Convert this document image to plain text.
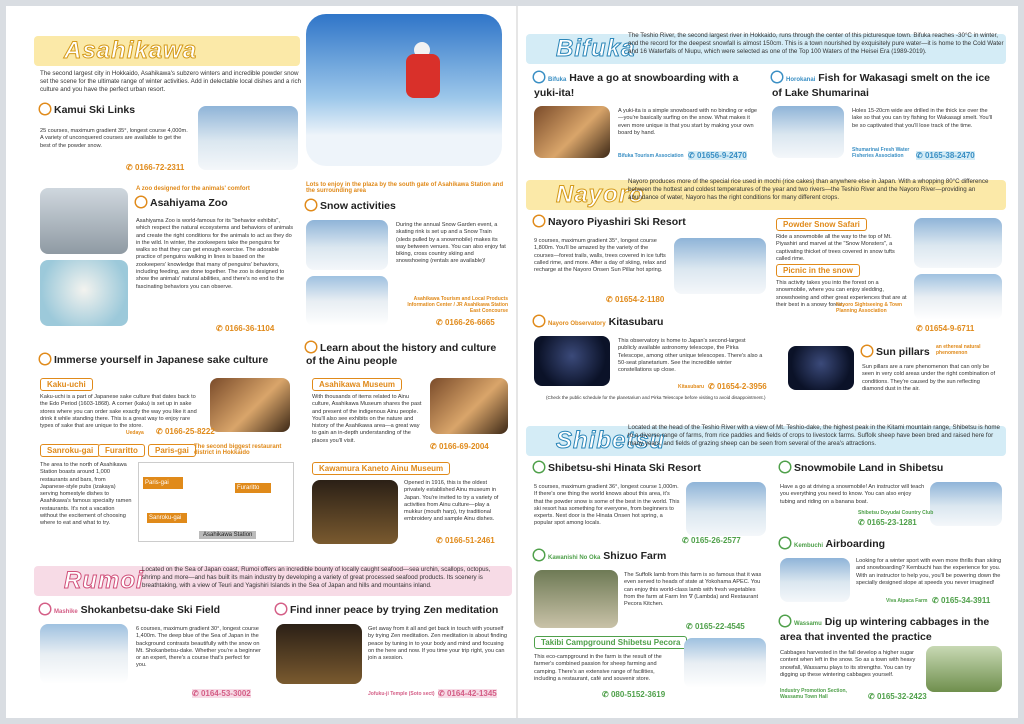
Asahikawa
The second largest city in Hokkaido, Asahikawa's subzero winters and incredible powder snow set the scene for the ultimate range of winter activities. Add in delectable local dishes and a rich culture and you have the perfect urban resort.
Kamui Ski Links
25 courses, maximum gradient 35°, longest course 4,000m. A variety of unconquered courses are available to get the best of the powder snow.
✆ 0166-72-2311
A zoo designed for the animals' comfort
Asahiyama Zoo
Asahiyama Zoo is world-famous for its "behavior exhibits", which respect the natural ecosystems and behaviors of animals and create the right conditions for the animals to act as they do in the wild. In winter, the zookeepers take the penguins for walks so that they can get enough exercise. The adorable practice of penguins walking in lines is based on the zookeepers' knowledge that many of penguins' behaviors, including feeding, are done together. The zoo is designed to show the animals' natural abilities, and there's no end to the fascinating behaviors you can observe.
✆ 0166-36-1104
Lots to enjoy in the plaza by the south gate of Asahikawa Station and the surrounding area
Snow activities
During the annual Snow Garden event, a skating rink is set up and a Snow Train (sleds pulled by a snowmobile) makes its way between venues. You can also enjoy fat biking, cross country skiing and snowshoeing (rentals are available)!
Asahikawa Tourism and Local Products Information Center / JR Asahikawa Station East Concourse
✆ 0166-26-6665
Immerse yourself in Japanese sake culture
Kaku-uchi
Kaku-uchi is a part of Japanese sake culture that dates back to the Edo Period (1603-1868). A corner (kaku) is set up in sake stores where you can order sake exactly the way you like it and drink it while standing there. This is a great way to enjoy rare types of sake that are unique to the store.
Uedaya ✆ 0166-25-8222
Sanroku-gai	Furaritto	Paris-gai The second biggest restaurant district in Hokkaido
The area to the north of Asahikawa Station boasts around 1,000 restaurants and bars, from Japanese-style pubs (izakaya) serving homestyle dishes to Asahikawa's famous specialty ramen restaurants. It's not a vacation without the excitement of choosing where to eat and what to try.
Paris-gai
Furaritto
Sanroku-gai
Asahikawa Station
Learn about the history and culture of the Ainu people
Asahikawa Museum
With thousands of items related to Ainu culture, Asahikawa Museum shares the past and present of the indigenous Ainu people. You'll also see exhibits on the nature and history of the Asahikawa area—a great way to gain an in-depth understanding of the places you'll visit.
✆ 0166-69-2004
Kawamura Kaneto Ainu Museum
Opened in 1916, this is the oldest privately established Ainu museum in Japan. You're invited to try a variety of activities from Ainu culture—play a mukkur (mouth harp), try traditional embroidery and sample Ainu dishes.
✆ 0166-51-2461
Rumoi
Located on the Sea of Japan coast, Rumoi offers an incredible bounty of locally caught seafood—sea urchin, scallops, octopus, shrimp and more—and has built its main industry by developing a variety of great processed seafood products. Its scenery is breathtaking, with a view of Teuri and Yagishiri Islands in the Sea of Japan and hills and mountains inland.
Mashike Shokanbetsu-dake Ski Field
6 courses, maximum gradient 30°, longest course 1,400m. The deep blue of the Sea of Japan in the background contrasts beautifully with the snow on Mt. Shokanbetsu-dake. Whether you're a beginner or an expert, there's a course that's perfect for you.
✆ 0164-53-3002
Find inner peace by trying Zen meditation
Get away from it all and get back in touch with yourself by trying Zen meditation. Zen meditation is about finding peace by tuning in to your body and mind and focusing on the here and now. If you time your trip right, you can join a session.
Jofuku-ji Temple (Soto sect) ✆ 0164-42-1345
Bifuka
The Teshio River, the second largest river in Hokkaido, runs through the center of this picturesque town. Bifuka reaches -30°C in winter, and the record for the deepest snowfall is almost 150cm. This is a town nourished by exquisitely pure water—it is home to the Cold Water and 16 Waterfalls of Niupu, which were selected as one of the Top 100 Waters of the Heisei Era (1989-2019).
Bifuka Have a go at snowboarding with a yuki-ita!
A yuki-ita is a simple snowboard with no binding or edge—you're basically surfing on the snow. What makes it even more unique is that you start by making your own board by hand.
Bifuka Tourism Association ✆ 01656-9-2470
Horokanai Fish for Wakasagi smelt on the ice of Lake Shumarinai
Holes 15-20cm wide are drilled in the thick ice over the lake so that you can try fishing for Wakasagi smelt. You'll be so captivated that you'll lose track of the time.
Shumarinai Fresh Water Fisheries Association	✆ 0165-38-2470
Nayoro
Nayoro produces more of the special rice used in mochi (rice cakes) than anywhere else in Japan. With a whopping 80°C difference between the hottest and coldest temperatures of the year and two rivers—the Teshio River and the Nayoro River—providing an abundance of water, Nayoro has the right conditions for many different crops.
Nayoro Piyashiri Ski Resort
9 courses, maximum gradient 35°, longest course 1,800m. You'll be amazed by the variety of the courses—forest trails, walls, trees covered in ice tufts called rime, and more. After a day of skiing, relax and recharge at the Nayoro Onsen Sun Pillar hot spring.
✆ 01654-2-1180
Powder Snow Safari
Ride a snowmobile all the way to the top of Mt. Piyashiri and marvel at the "Snow Monsters", a captivating thicket of trees covered in snow tufts called rime.
Picnic in the snow
This activity takes you into the forest on a snowmobile, where you can enjoy sledding, snowshoeing and other great experiences that are at their best in a snowy forest.
Nayoro Sightseeing & Town Planning Association
✆ 01654-9-6711
Nayoro Observatory Kitasubaru
This observatory is home to Japan's second-largest publicly available astronomy telescope, the Pirka Telescope, among other unique telescopes. There's also a 50-seat planetarium. See the incredible winter constellations up close.
Kitasubaru ✆ 01654-2-3956
(Check the public schedule for the planetarium and Pirka Telescope before visiting to avoid disappointment.)
Sun pillars an ethereal natural phenomenon
Sun pillars are a rare phenomenon that can only be seen in very cold areas under the right combination of conditions. They're caused by the sun reflecting diamond dust in the air.
Shibetsu
Located at the head of the Teshio River with a view of Mt. Teshio-dake, the highest peak in the Kitami mountain range, Shibetsu is home to a diverse range of farms, from rice paddies and fields of crops to livestock farms. Suffolk sheep have been bred and raised here for many years, and fields of grazing sheep can be seen from several of the area's attractions.
Shibetsu-shi Hinata Ski Resort
5 courses, maximum gradient 36°, longest course 1,000m. If there's one thing the world knows about this area, it's that the powder snow is some of the best in the world. This ski resort has something for everyone, from beginners to experts. Next door is the Hinata Onsen hot spring, a popular spot among locals.
✆ 0165-26-2577
Kawanishi No Oka Shizuo Farm
The Suffolk lamb from this farm is so famous that it was even served to heads of state at Yokohama APEC. You can enjoy this world-class lamb with fresh vegetables from the farm at Farm Inn ∇ (Lambda) and Restaurant Pecora Kitchen.
✆ 0165-22-4545
Takibi Campground Shibetsu Pecora
This eco-campground in the farm is the result of the farmer's combined passion for sheep farming and camping. There's an extensive range of facilities, including a restaurant, café and souvenir store.
✆ 080-5152-3619
Snowmobile Land in Shibetsu
Have a go at driving a snowmobile! An instructor will teach you everything you need to know. You can also enjoy tubing and riding on a banana boat.
Shibetsu Doyudai Country Club
✆ 0165-23-1281
Kembuchi Airboarding
Looking for a winter sport with even more thrills than skiing and snowboarding? Kembuchi has the experience for you. With an instructor to help you, you'll be powering down the specially designed slope at speeds you never imagined!
Viva Alpaca Farm ✆ 0165-34-3911
Wassamu Dig up wintering cabbages in the area that invented the practice
Cabbages harvested in the fall develop a higher sugar content when left in the snow. So as a town with heavy snowfall, Wassamu plays to its strengths. You can try digging up these wintering cabbages yourself.
Industry Promotion Section, Wassamu Town Hall	✆ 0165-32-2423
